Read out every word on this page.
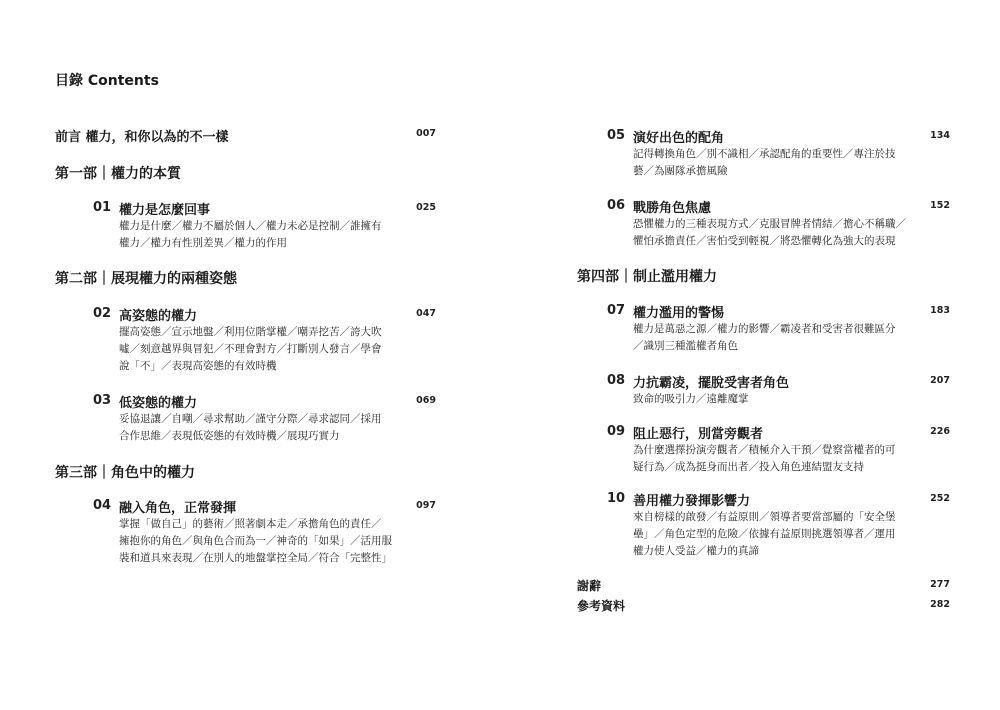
目錄 Contents
前言 權力，和你以為的不一樣	007
第一部｜權力的本質
01 權力是怎麼回事	025
權力是什麼／權力不屬於個人／權力未必是控制／誰擁有
權力／權力有性別差異／權力的作用
第二部｜展現權力的兩種姿態
02 高姿態的權力	047
擺高姿態／宣示地盤／利用位階掌權／嘲弄挖苦／誇大吹
噓／刻意越界與冒犯／不理會對方／打斷別人發言／學會
說「不」／表現高姿態的有效時機
03 低姿態的權力	069
妥協退讓／自嘲／尋求幫助／謹守分際／尋求認同／採用
合作思維／表現低姿態的有效時機／展現巧實力
第三部｜角色中的權力
04 融入角色，正常發揮	097
掌握「做自己」的藝術／照著劇本走／承擔角色的責任／
擁抱你的角色／與角色合而為一／神奇的「如果」／活用服
裝和道具來表現／在別人的地盤掌控全局／符合「完整性」
05 演好出色的配角	134
記得轉換角色／別不識相／承認配角的重要性／專注於技
藝／為團隊承擔風險
06 戰勝角色焦慮	152
恐懼權力的三種表現方式／克服冒牌者情結／擔心不稱職／
懼怕承擔責任／害怕受到輕視／將恐懼轉化為強大的表現
第四部｜制止濫用權力
07 權力濫用的警惕	183
權力是萬惡之源／權力的影響／霸凌者和受害者很難區分
／識別三種濫權者角色
08 力抗霸凌，擺脫受害者角色	207
致命的吸引力／遠離魔掌
09 阻止惡行，別當旁觀者	226
為什麼選擇扮演旁觀者／積極介入干預／覺察當權者的可
疑行為／成為挺身而出者／投入角色連結盟友支持
10 善用權力發揮影響力	252
來自榜樣的啟發／有益原則／領導者要當部屬的「安全堡
壘」／角色定型的危險／依據有益原則挑選領導者／運用
權力使人受益／權力的真諦
謝辭	277
參考資料	282
